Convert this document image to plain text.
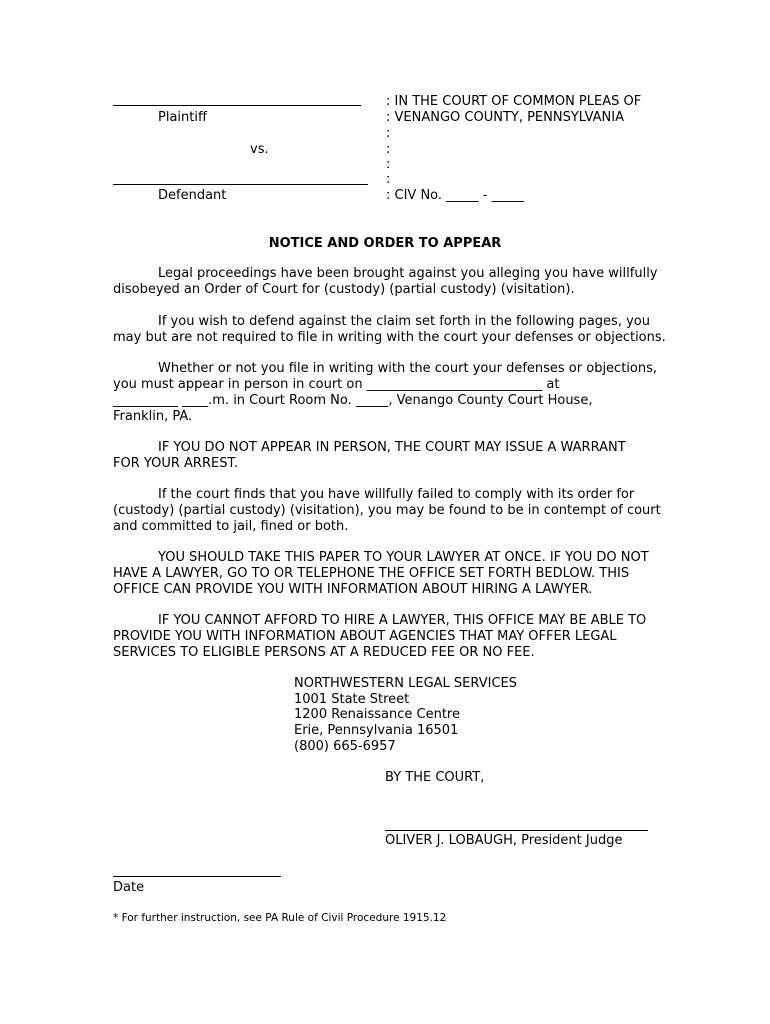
Plaintiff
vs.
Defendant
: IN THE COURT OF COMMON PLEAS OF
: VENANGO COUNTY, PENNSYLVANIA
:
:
:
:
: CIV No. _____ - _____
NOTICE AND ORDER TO APPEAR
Legal proceedings have been brought against you alleging you have willfully
disobeyed an Order of Court for (custody) (partial custody) (visitation).
If you wish to defend against the claim set forth in the following pages, you
may but are not required to file in writing with the court your defenses or objections.
Whether or not you file in writing with the court your defenses or objections,
you must appear in person in court on ___________________________ at
__________ ____.m. in Court Room No. _____, Venango County Court House,
Franklin, PA.
IF YOU DO NOT APPEAR IN PERSON, THE COURT MAY ISSUE A WARRANT
FOR YOUR ARREST.
If the court finds that you have willfully failed to comply with its order for
(custody) (partial custody) (visitation), you may be found to be in contempt of court
and committed to jail, fined or both.
YOU SHOULD TAKE THIS PAPER TO YOUR LAWYER AT ONCE. IF YOU DO NOT
HAVE A LAWYER, GO TO OR TELEPHONE THE OFFICE SET FORTH BEDLOW. THIS
OFFICE CAN PROVIDE YOU WITH INFORMATION ABOUT HIRING A LAWYER.
IF YOU CANNOT AFFORD TO HIRE A LAWYER, THIS OFFICE MAY BE ABLE TO
PROVIDE YOU WITH INFORMATION ABOUT AGENCIES THAT MAY OFFER LEGAL
SERVICES TO ELIGIBLE PERSONS AT A REDUCED FEE OR NO FEE.
NORTHWESTERN LEGAL SERVICES
1001 State Street
1200 Renaissance Centre
Erie, Pennsylvania 16501
(800) 665-6957
BY THE COURT,
OLIVER J. LOBAUGH, President Judge
Date
* For further instruction, see PA Rule of Civil Procedure 1915.12
